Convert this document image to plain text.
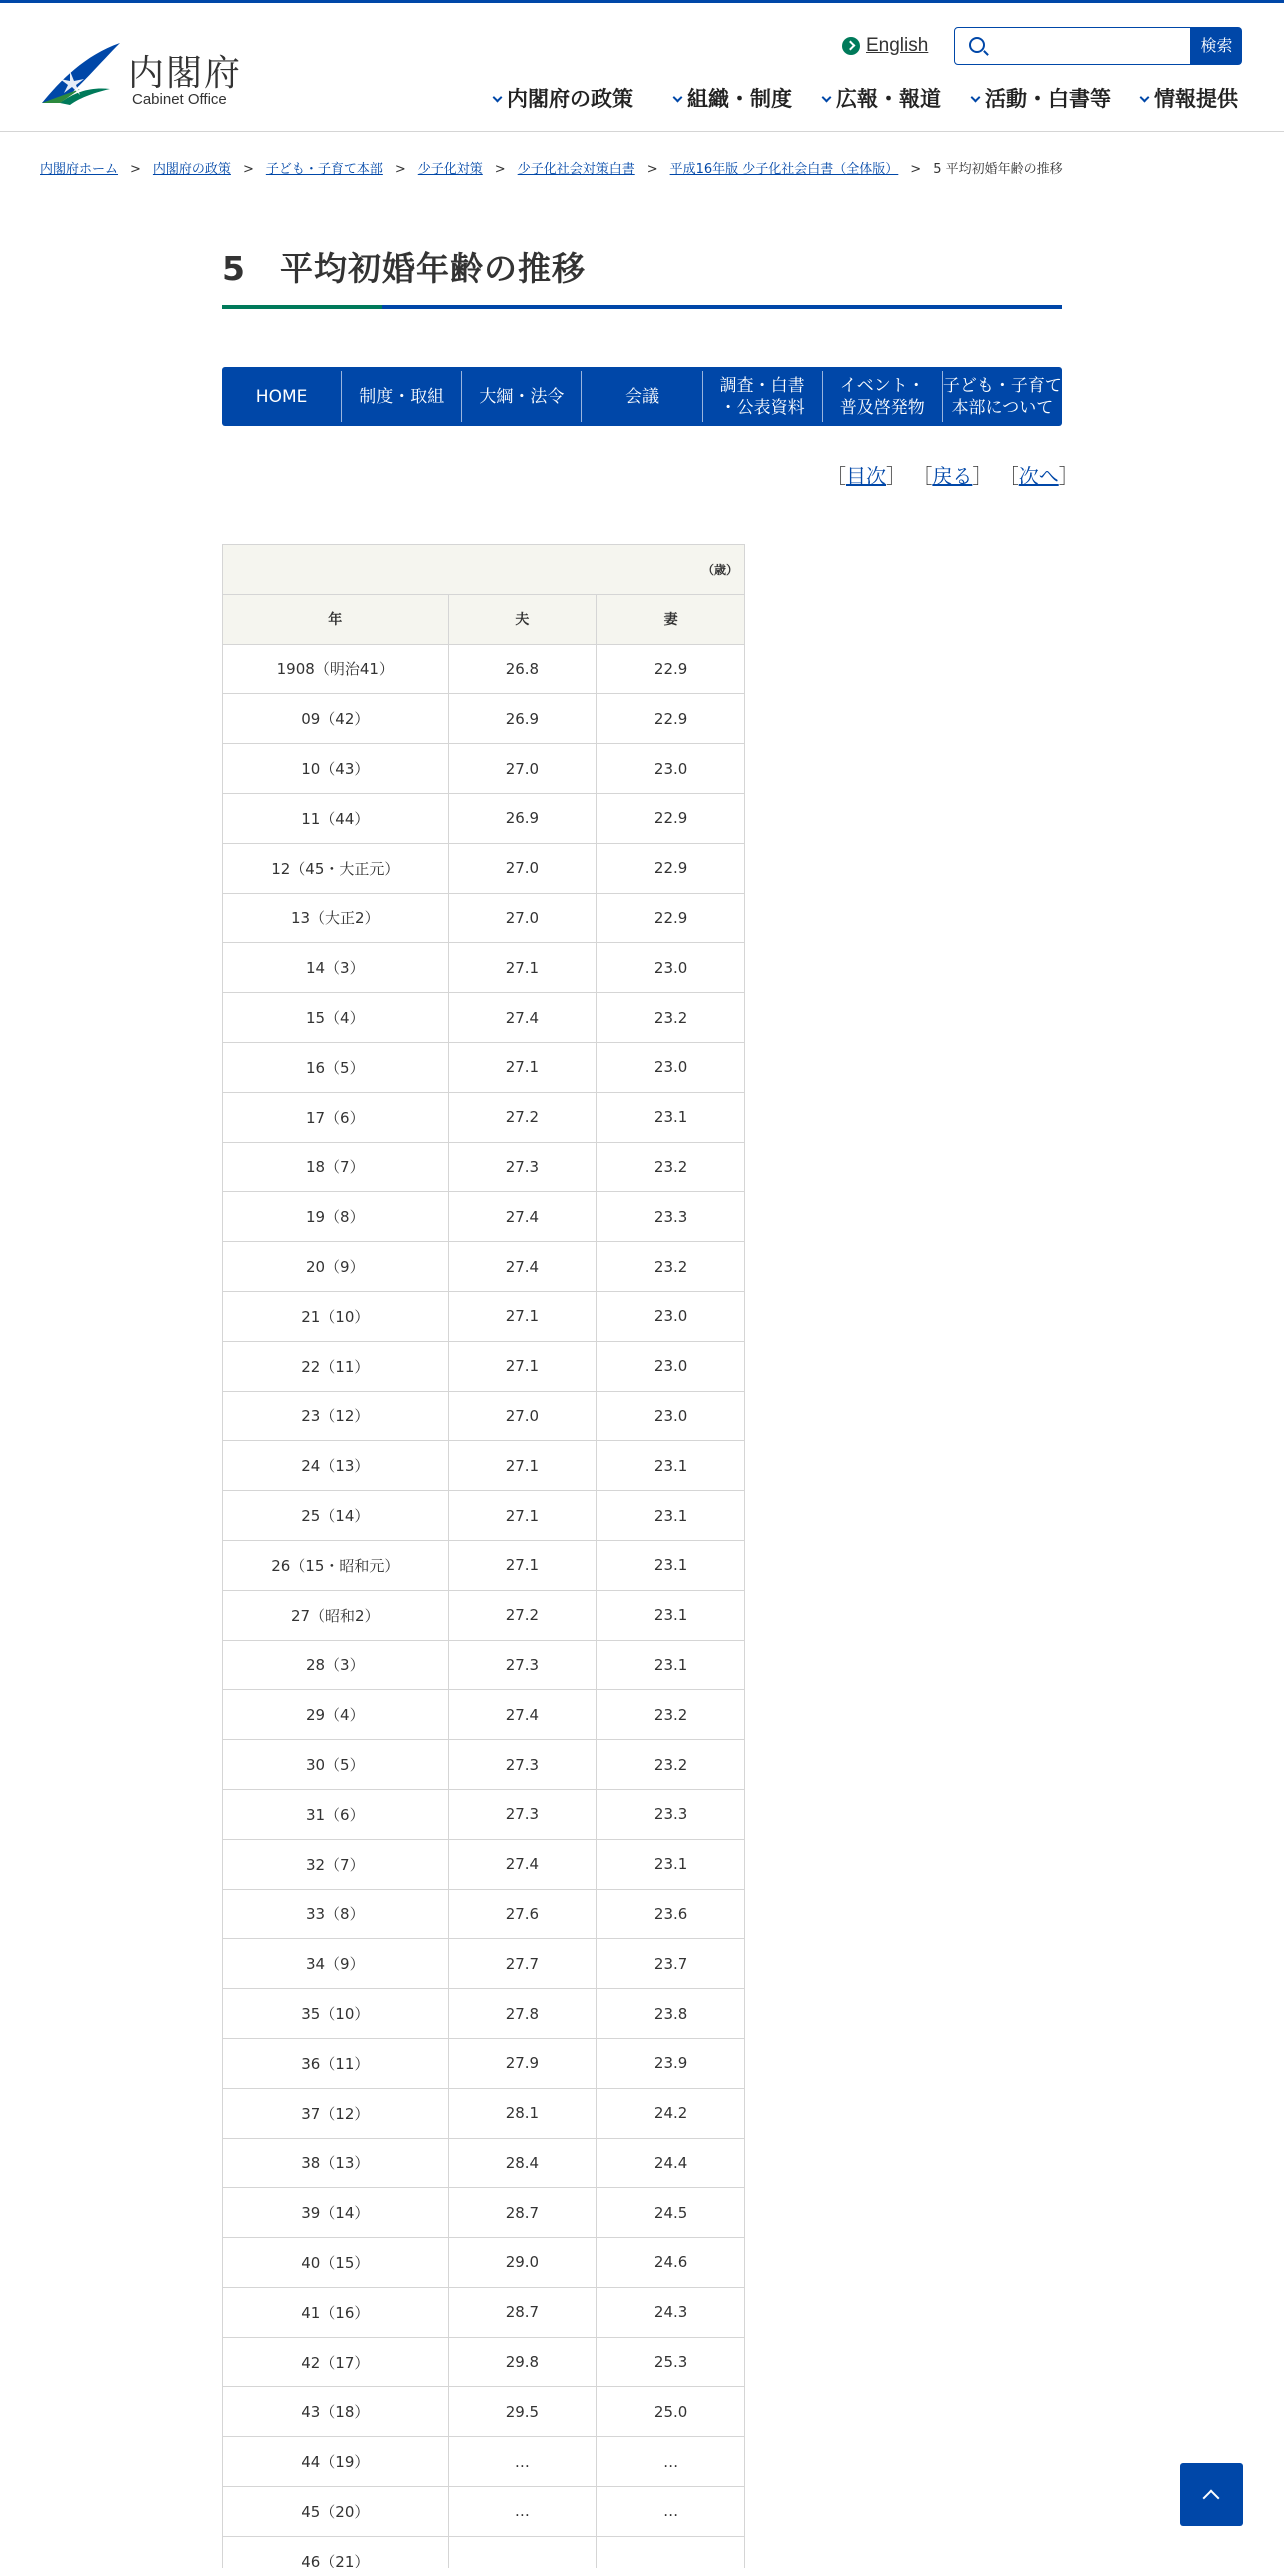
内閣府
Cabinet Office
English	検索
内閣府の政策	組織・制度	広報・報道	活動・白書等	情報提供
内閣府ホーム > 内閣府の政策 > 子ども・子育て本部 > 少子化対策 > 少子化社会対策白書 > 平成16年版 少子化社会白書（全体版） > 5 平均初婚年齢の推移
5　平均初婚年齢の推移
HOME	制度・取組	大綱・法令	会議
調査・白書
・公表資料
イベント・
普及啓発物
子ども・子育て
本部について
［目次］ ［戻る］ ［次へ］
（歳）		
年	夫	妻
1908（明治41）	26.8	22.9
09（42）	26.9	22.9
10（43）	27.0	23.0
11（44）	26.9	22.9
12（45・大正元）	27.0	22.9
13（大正2）	27.0	22.9
14（3）	27.1	23.0
15（4）	27.4	23.2
16（5）	27.1	23.0
17（6）	27.2	23.1
18（7）	27.3	23.2
19（8）	27.4	23.3
20（9）	27.4	23.2
21（10）	27.1	23.0
22（11）	27.1	23.0
23（12）	27.0	23.0
24（13）	27.1	23.1
25（14）	27.1	23.1
26（15・昭和元）	27.1	23.1
27（昭和2）	27.2	23.1
28（3）	27.3	23.1
29（4）	27.4	23.2
30（5）	27.3	23.2
31（6）	27.3	23.3
32（7）	27.4	23.1
33（8）	27.6	23.6
34（9）	27.7	23.7
35（10）	27.8	23.8
36（11）	27.9	23.9
37（12）	28.1	24.2
38（13）	28.4	24.4
39（14）	28.7	24.5
40（15）	29.0	24.6
41（16）	28.7	24.3
42（17）	29.8	25.3
43（18）	29.5	25.0
44（19）	…	…
45（20）	…	…
46（21）		
